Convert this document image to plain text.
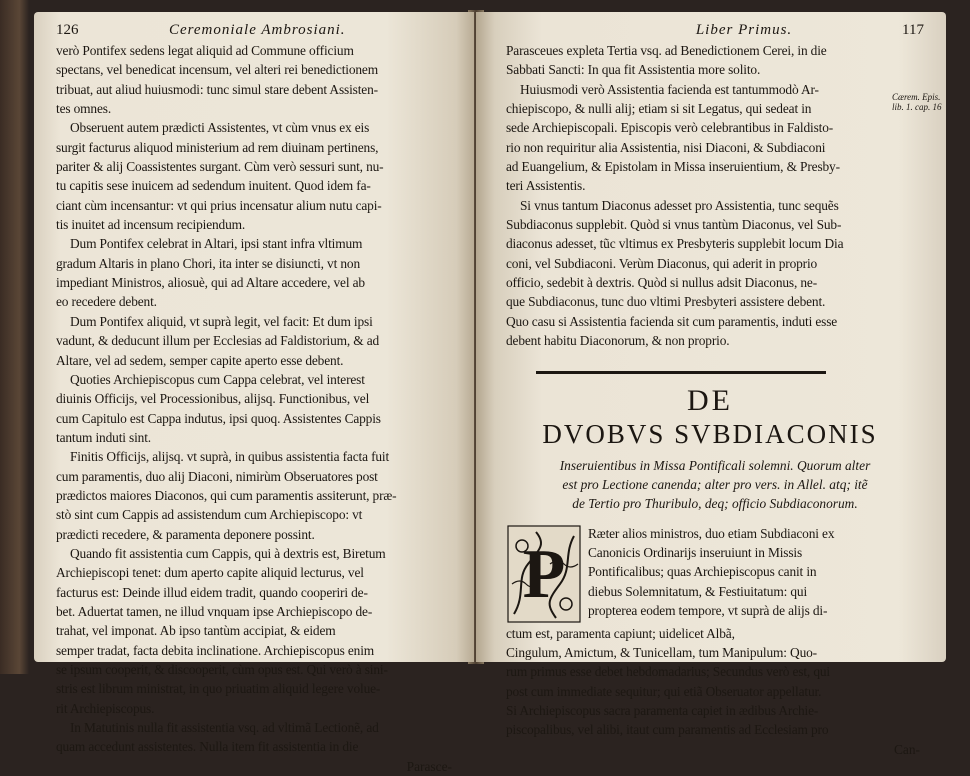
126	Ceremoniale Ambrosiani.

verò Pontifex sedens legat aliquid ad Commune officium

spectans, vel benedicat incensum, vel alteri rei benedictionem

tribuat, aut aliud huiusmodi: tunc simul stare debent Assisten-

tes omnes.

Obseruent autem prædicti Assistentes, vt cùm vnus ex eis

surgit facturus aliquod ministerium ad rem diuinam pertinens,

pariter & alij Coassistentes surgant. Cùm verò sessuri sunt, nu-

tu capitis sese inuicem ad sedendum inuitent. Quod idem fa-

ciant cùm incensantur: vt qui prius incensatur alium nutu capi-

tis inuitet ad incensum recipiendum.

Dum Pontifex celebrat in Altari, ipsi stant infra vltimum

gradum Altaris in plano Chori, ita inter se disiuncti, vt non

impediant Ministros, aliosuè, qui ad Altare accedere, vel ab

eo recedere debent.

Dum Pontifex aliquid, vt suprà legit, vel facit: Et dum ipsi

vadunt, & deducunt illum per Ecclesias ad Faldistorium, & ad

Altare, vel ad sedem, semper capite aperto esse debent.

Quoties Archiepiscopus cum Cappa celebrat, vel interest

diuinis Officijs, vel Processionibus, alijsq. Functionibus, vel

cum Capitulo est Cappa indutus, ipsi quoq. Assistentes Cappis

tantum induti sint.

Finitis Officijs, alijsq. vt suprà, in quibus assistentia facta fuit

cum paramentis, duo alij Diaconi, nimirùm Obseruatores post

prædictos maiores Diaconos, qui cum paramentis assiterunt, præ-

stò sint cum Cappis ad assistendum cum Archiepiscopo: vt

prædicti recedere, & paramenta deponere possint.

Quando fit assistentia cum Cappis, qui à dextris est, Biretum

Archiepiscopi tenet: dum aperto capite aliquid lecturus, vel

facturus est: Deinde illud eidem tradit, quando cooperiri de-

bet. Aduertat tamen, ne illud vnquam ipse Archiepiscopo de-

trahat, vel imponat. Ab ipso tantùm accipiat, & eidem

semper tradat, facta debita inclinatione. Archiepiscopus enim

se ipsum cooperit, & discooperit, cùm opus est. Qui verò à sini-

stris est librum ministrat, in quo priuatim aliquid legere volue-

rit Archiepiscopus.

In Matutinis nulla fit assistentia vsq. ad vltimã Lectionẽ, ad

quam accedunt assistentes. Nulla item fit assistentia in die

Parasce-

Liber Primus.	117
Cærem. Epis. lib. 1. cap. 16

Parasceues expleta Tertia vsq. ad Benedictionem Cerei, in die

Sabbati Sancti: In qua fit Assistentia more solito.

Huiusmodi verò Assistentia facienda est tantummodò Ar-

chiepiscopo, & nulli alij; etiam si sit Legatus, qui sedeat in

sede Archiepiscopali. Episcopis verò celebrantibus in Faldisto-

rio non requiritur alia Assistentia, nisi Diaconi, & Subdiaconi

ad Euangelium, & Epistolam in Missa inseruientium, & Presby-

teri Assistentis.

Si vnus tantum Diaconus adesset pro Assistentia, tunc sequẽs

Subdiaconus supplebit. Quòd si vnus tantùm Diaconus, vel Sub-

diaconus adesset, tũc vltimus ex Presbyteris supplebit locum Dia

coni, vel Subdiaconi. Verùm Diaconus, qui aderit in proprio

officio, sedebit à dextris. Quòd si nullus adsit Diaconus, ne-

que Subdiaconus, tunc duo vltimi Presbyteri assistere debent.

Quo casu si Assistentia facienda sit cum paramentis, induti esse

debent habitu Diaconorum, & non proprio.

DE
DVOBVS SVBDIACONIS

Inseruientibus in Missa Pontificali solemni. Quorum alter

est pro Lectione canenda; alter pro vers. in Allel. atq; itẽ

de Tertio pro Thuribulo, deq; officio Subdiaconorum.

P

Ræter alios ministros, duo etiam Subdiaconi ex

Canonicis Ordinarijs inseruiunt in Missis

Pontificalibus; quas Archiepiscopus canit in

diebus Solemnitatum, & Festiuitatum: qui

propterea eodem tempore, vt suprà de alijs di-

ctum est, paramenta capiunt; uidelicet Albã,

Cingulum, Amictum, & Tunicellam, tum Manipulum: Quo-

rum primus esse debet hebdomadarius; Secundus verò est, qui

post cum immediate sequitur; qui etiã Obseruator appellatur.

Si Archiepiscopus sacra paramenta capiet in ædibus Archie-

piscopalibus, vel alibi, itaut cum paramentis ad Ecclesiam pro

Can-
